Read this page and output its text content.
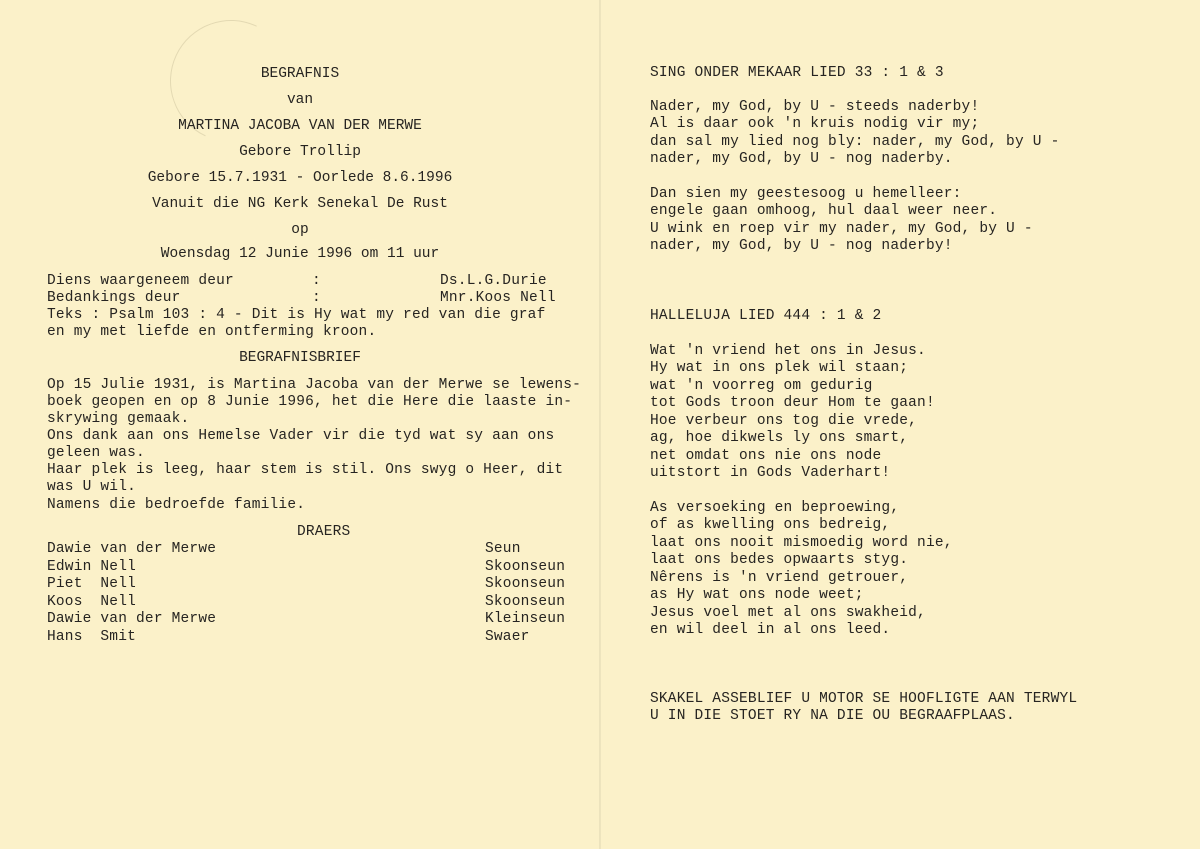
BEGRAFNIS
van
MARTINA JACOBA VAN DER MERWE
Gebore Trollip
Gebore 15.7.1931 - Oorlede 8.6.1996
Vanuit die NG Kerk Senekal De Rust
op
Woensdag 12 Junie 1996 om 11 uur
Diens waargeneem deur	:	Ds.L.G.Durie
Bedankings deur	:	Mnr.Koos Nell
Teks : Psalm 103 : 4 - Dit is Hy wat my red van die graf
en my met liefde en ontferming kroon.
BEGRAFNISBRIEF
Op 15 Julie 1931, is Martina Jacoba van der Merwe se lewens-
boek geopen en op 8 Junie 1996, het die Here die laaste in-
skrywing gemaak.
Ons dank aan ons Hemelse Vader vir die tyd wat sy aan ons
geleen was.
Haar plek is leeg, haar stem is stil. Ons swyg o Heer, dit
was U wil.
Namens die bedroefde familie.
DRAERS
Dawie van der Merwe	Seun
Edwin Nell	Skoonseun
Piet  Nell	Skoonseun
Koos  Nell	Skoonseun
Dawie van der Merwe	Kleinseun
Hans  Smit	Swaer
SING ONDER MEKAAR LIED 33 : 1 & 3
Nader, my God, by U - steeds naderby!
Al is daar ook 'n kruis nodig vir my;
dan sal my lied nog bly: nader, my God, by U -
nader, my God, by U - nog naderby.
Dan sien my geestesoog u hemelleer:
engele gaan omhoog, hul daal weer neer.
U wink en roep vir my nader, my God, by U -
nader, my God, by U - nog naderby!
HALLELUJA LIED 444 : 1 & 2
Wat 'n vriend het ons in Jesus.
Hy wat in ons plek wil staan;
wat 'n voorreg om gedurig
tot Gods troon deur Hom te gaan!
Hoe verbeur ons tog die vrede,
ag, hoe dikwels ly ons smart,
net omdat ons nie ons node
uitstort in Gods Vaderhart!
As versoeking en beproewing,
of as kwelling ons bedreig,
laat ons nooit mismoedig word nie,
laat ons bedes opwaarts styg.
Nêrens is 'n vriend getrouer,
as Hy wat ons node weet;
Jesus voel met al ons swakheid,
en wil deel in al ons leed.
SKAKEL ASSEBLIEF U MOTOR SE HOOFLIGTE AAN TERWYL
U IN DIE STOET RY NA DIE OU BEGRAAFPLAAS.
